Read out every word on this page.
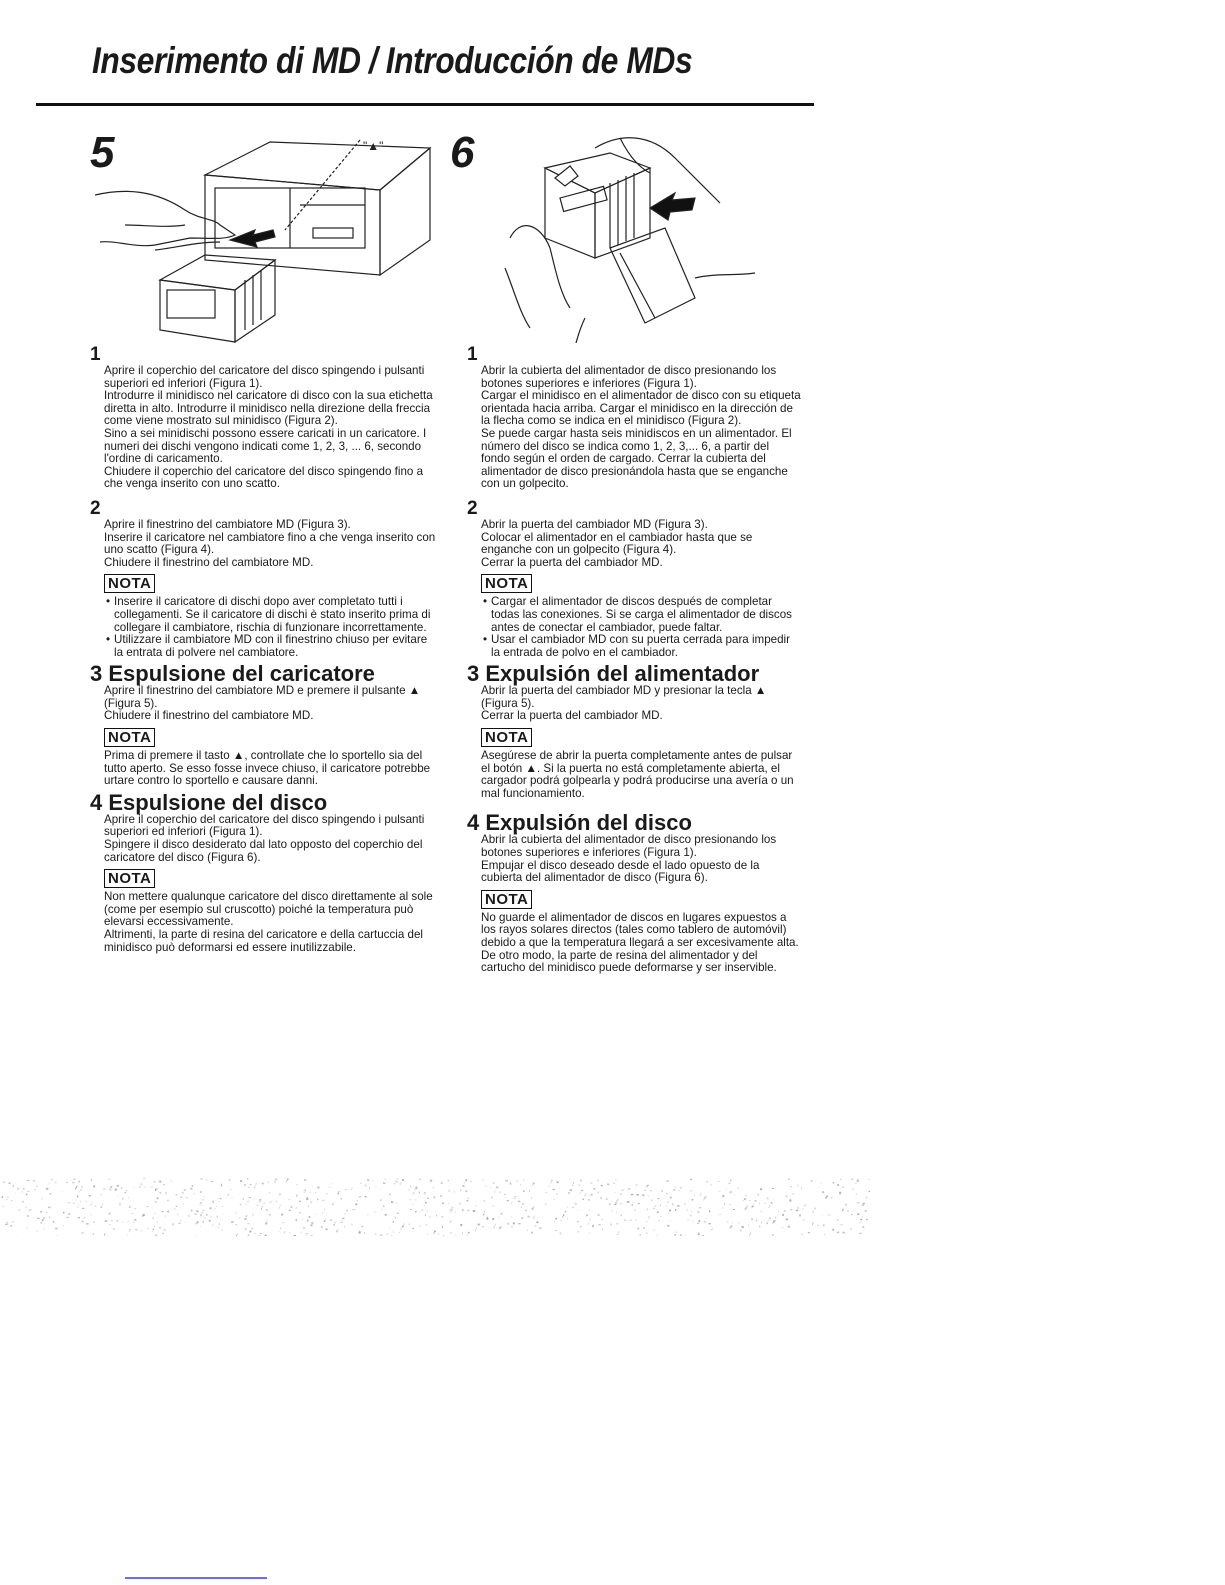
Inserimento di MD / Introducción de MDs
5	"▲" 6
1

Aprire il coperchio del caricatore del disco spingendo i pulsanti superiori ed inferiori (Figura 1).

Introdurre il minidisco nel caricatore di disco con la sua etichetta diretta in alto. Introdurre il minidisco nella direzione della freccia come viene mostrato sul minidisco (Figura 2).

Sino a sei minidischi possono essere caricati in un caricatore. I numeri dei dischi vengono indicati come 1, 2, 3, ... 6, secondo l'ordine di caricamento.

Chiudere il coperchio del caricatore del disco spingendo fino a che venga inserito con uno scatto.

2

Aprire il finestrino del cambiatore MD (Figura 3).

Inserire il caricatore nel cambiatore fino a che venga inserito con uno scatto (Figura 4).

Chiudere il finestrino del cambiatore MD.

NOTA

• Inserire il caricatore di dischi dopo aver completato tutti i collegamenti. Se il caricatore di dischi è stato inserito prima di collegare il cambiatore, rischia di funzionare incorrettamente.

• Utilizzare il cambiatore MD con il finestrino chiuso per evitare la entrata di polvere nel cambiatore.

3 Espulsione del caricatore

Aprire il finestrino del cambiatore MD e premere il pulsante ▲ (Figura 5).

Chiudere il finestrino del cambiatore MD.

NOTA

Prima di premere il tasto ▲, controllate che lo sportello sia del tutto aperto. Se esso fosse invece chiuso, il caricatore potrebbe urtare contro lo sportello e causare danni.

4 Espulsione del disco

Aprire il coperchio del caricatore del disco spingendo i pulsanti superiori ed inferiori (Figura 1).

Spingere il disco desiderato dal lato opposto del coperchio del caricatore del disco (Figura 6).

NOTA

Non mettere qualunque caricatore del disco direttamente al sole (come per esempio sul cruscotto) poiché la temperatura può elevarsi eccessivamente.

Altrimenti, la parte di resina del caricatore e della cartuccia del minidisco può deformarsi ed essere inutilizzabile.

1

Abrir la cubierta del alimentador de disco presionando los botones superiores e inferiores (Figura 1).

Cargar el minidisco en el alimentador de disco con su etiqueta orientada hacia arriba. Cargar el minidisco en la dirección de la flecha como se indica en el minidisco (Figura 2).

Se puede cargar hasta seis minidiscos en un alimentador. El número del disco se indica como 1, 2, 3,... 6, a partir del fondo según el orden de cargado. Cerrar la cubierta del alimentador de disco presionándola hasta que se enganche con un golpecito.

2

Abrir la puerta del cambiador MD (Figura 3).

Colocar el alimentador en el cambiador hasta que se enganche con un golpecito (Figura 4).

Cerrar la puerta del cambiador MD.

NOTA

• Cargar el alimentador de discos después de completar todas las conexiones. Si se carga el alimentador de discos antes de conectar el cambiador, puede faltar.

• Usar el cambiador MD con su puerta cerrada para impedir la entrada de polvo en el cambiador.

3 Expulsión del alimentador

Abrir la puerta del cambiador MD y presionar la tecla ▲ (Figura 5).

Cerrar la puerta del cambiador MD.

NOTA

Asegúrese de abrir la puerta completamente antes de pulsar el botón ▲. Si la puerta no está completamente abierta, el cargador podrá golpearla y podrá producirse una avería o un mal funcionamiento.

4 Expulsión del disco

Abrir la cubierta del alimentador de disco presionando los botones superiores e inferiores (Figura 1).

Empujar el disco deseado desde el lado opuesto de la cubierta del alimentador de disco (Figura 6).

NOTA

No guarde el alimentador de discos en lugares expuestos a los rayos solares directos (tales como tablero de automóvil) debido a que la temperatura llegará a ser excesivamente alta.

De otro modo, la parte de resina del alimentador y del cartucho del minidisco puede deformarse y ser inservible.
